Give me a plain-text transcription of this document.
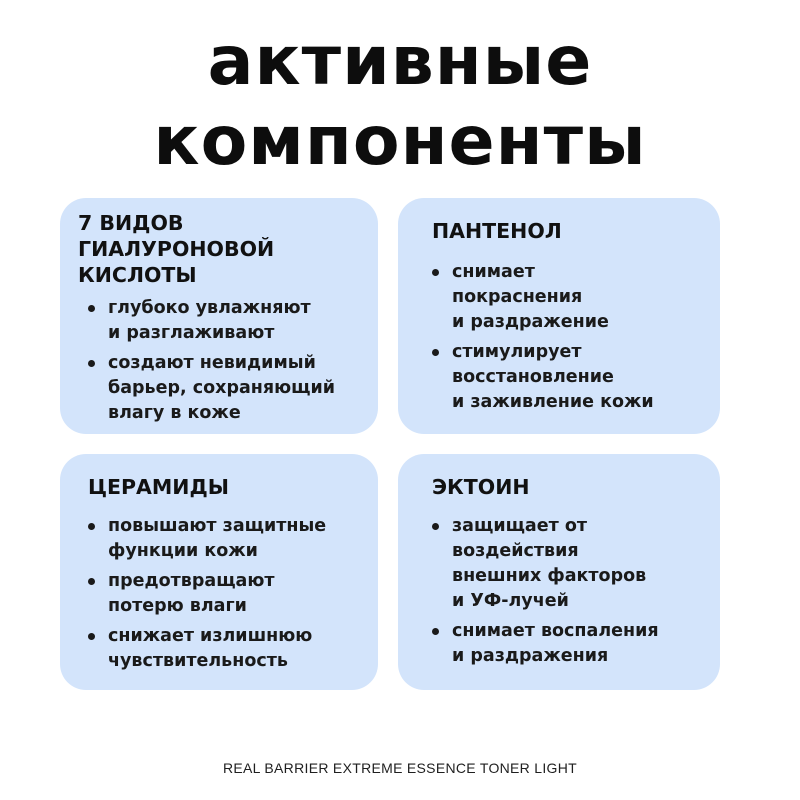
активные
компоненты
7 ВИДОВ
ГИАЛУРОНОВОЙ
КИСЛОТЫ
глубоко увлажняют
и разглаживают
создают невидимый
барьер, сохраняющий
влагу в коже
ПАНТЕНОЛ
снимает
покраснения
и раздражение
стимулирует
восстановление
и заживление кожи
ЦЕРАМИДЫ
повышают защитные
функции кожи
предотвращают
потерю влаги
снижает излишнюю
чувствительность
ЭКТОИН
защищает от
воздействия
внешних факторов
и УФ-лучей
снимает воспаления
и раздражения
REAL BARRIER EXTREME ESSENCE TONER LIGHT
